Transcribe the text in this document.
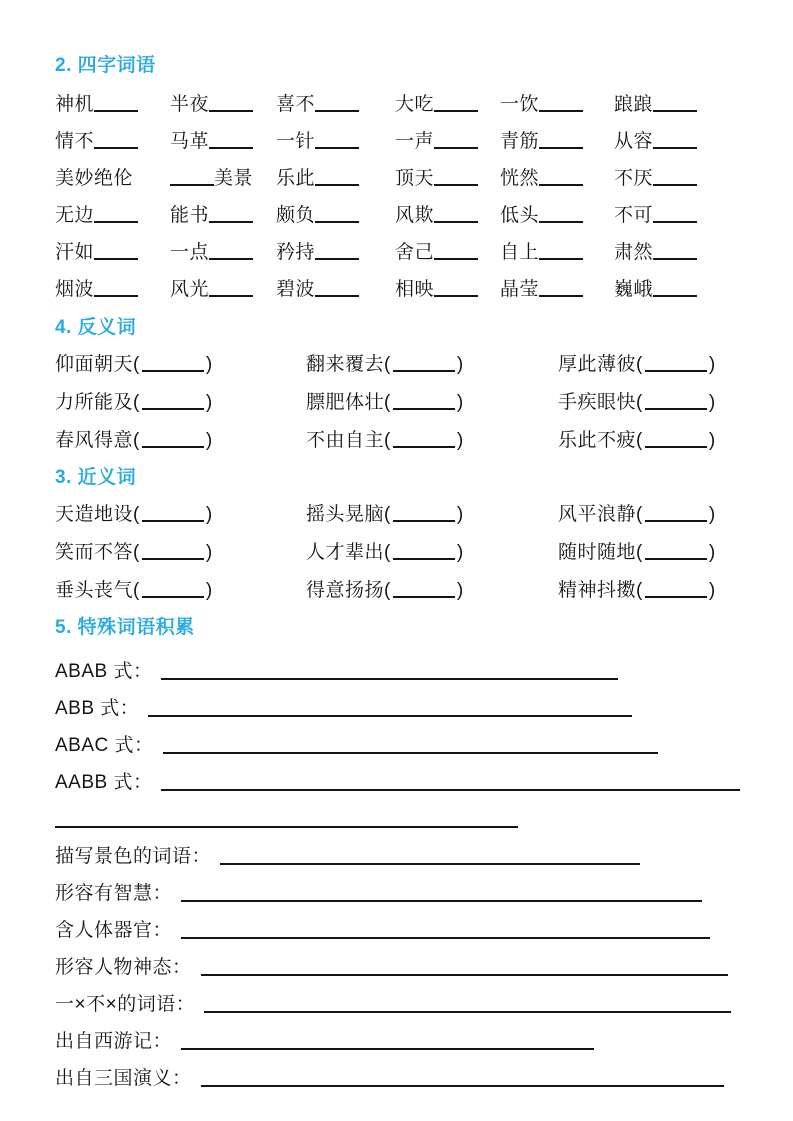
2. 四字词语
神机	半夜	喜不	大吃	一饮	踉踉
情不	马革	一针	一声	青筋	从容
美妙绝伦	美景	乐此	顶天	恍然	不厌
无边	能书	颇负	风欺	低头	不可
汗如	一点	矜持	舍己	自上	肃然
烟波	风光	碧波	相映	晶莹	巍峨
4. 反义词
仰面朝天(	)	翻来覆去(	)	厚此薄彼(	)
力所能及(	)	膘肥体壮(	)	手疾眼快(	)
春风得意(	)	不由自主(	)	乐此不疲(	)
3. 近义词
天造地设(	)	摇头晃脑(	)	风平浪静(	)
笑而不答(	)	人才辈出(	)	随时随地(	)
垂头丧气(	)	得意扬扬(	)	精神抖擞(	)
5. 特殊词语积累
ABAB 式：
ABB 式：
ABAC 式：
AABB 式：
描写景色的词语：
形容有智慧：
含人体器官：
形容人物神态：
一×不×的词语：
出自西游记：
出自三国演义：
